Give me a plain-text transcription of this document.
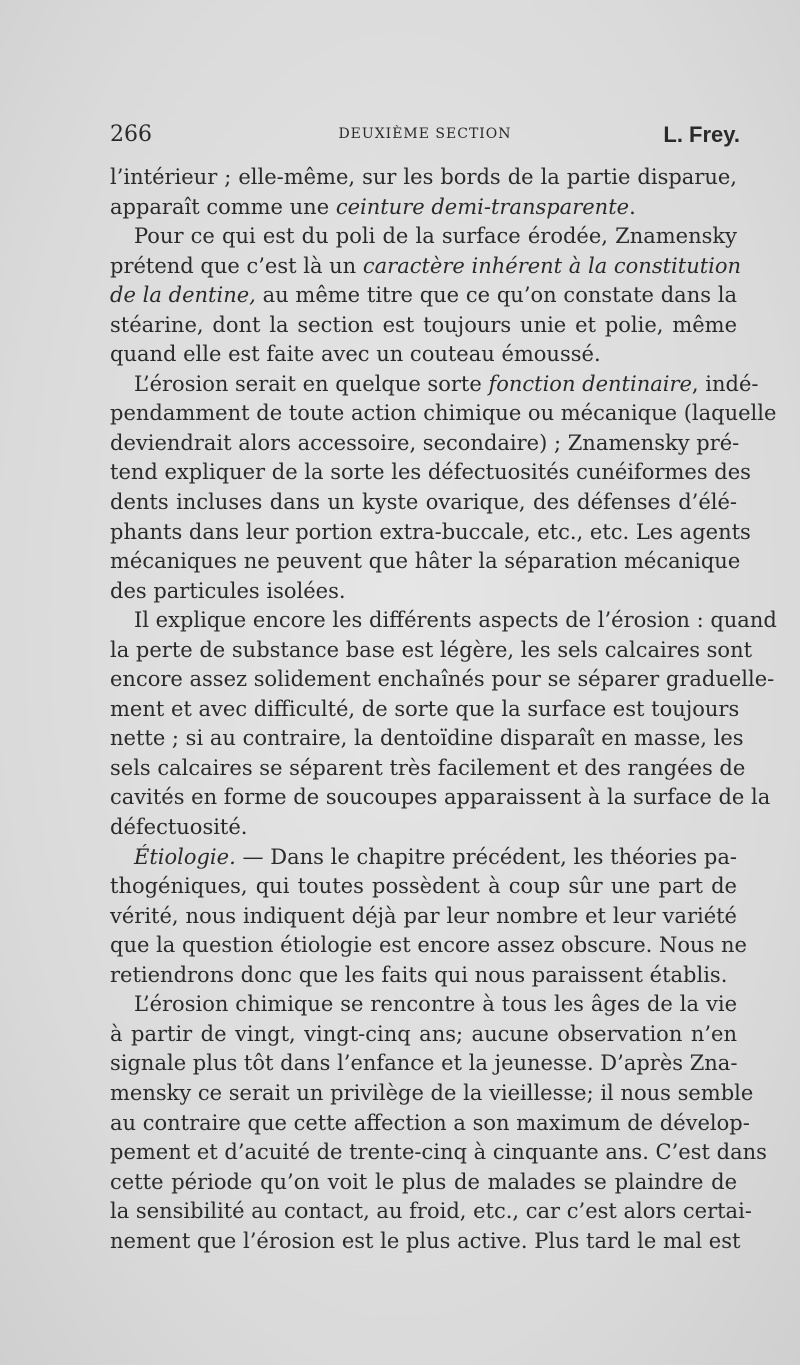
266	DEUXIÈME SECTION	L. Frey.
l’intérieur ; elle-même, sur les bords de la partie disparue,
apparaît comme une ceinture demi-transparente.
Pour ce qui est du poli de la surface érodée, Znamensky
prétend que c’est là un caractère inhérent à la constitution
de la dentine, au même titre que ce qu’on constate dans la
stéarine, dont la section est toujours unie et polie, même
quand elle est faite avec un couteau émoussé.
L’érosion serait en quelque sorte fonction dentinaire, indé-
pendamment de toute action chimique ou mécanique (laquelle
deviendrait alors accessoire, secondaire) ; Znamensky pré-
tend expliquer de la sorte les défectuosités cunéiformes des
dents incluses dans un kyste ovarique, des défenses d’élé-
phants dans leur portion extra-buccale, etc., etc. Les agents
mécaniques ne peuvent que hâter la séparation mécanique
des particules isolées.
Il explique encore les différents aspects de l’érosion : quand
la perte de substance base est légère, les sels calcaires sont
encore assez solidement enchaînés pour se séparer graduelle-
ment et avec difficulté, de sorte que la surface est toujours
nette ; si au contraire, la dentoïdine disparaît en masse, les
sels calcaires se séparent très facilement et des rangées de
cavités en forme de soucoupes apparaissent à la surface de la
défectuosité.
Étiologie. — Dans le chapitre précédent, les théories pa-
thogéniques, qui toutes possèdent à coup sûr une part de
vérité, nous indiquent déjà par leur nombre et leur variété
que la question étiologie est encore assez obscure. Nous ne
retiendrons donc que les faits qui nous paraissent établis.
L’érosion chimique se rencontre à tous les âges de la vie
à partir de vingt, vingt-cinq ans; aucune observation n’en
signale plus tôt dans l’enfance et la jeunesse. D’après Zna-
mensky ce serait un privilège de la vieillesse; il nous semble
au contraire que cette affection a son maximum de dévelop-
pement et d’acuité de trente-cinq à cinquante ans. C’est dans
cette période qu’on voit le plus de malades se plaindre de
la sensibilité au contact, au froid, etc., car c’est alors certai-
nement que l’érosion est le plus active. Plus tard le mal est
